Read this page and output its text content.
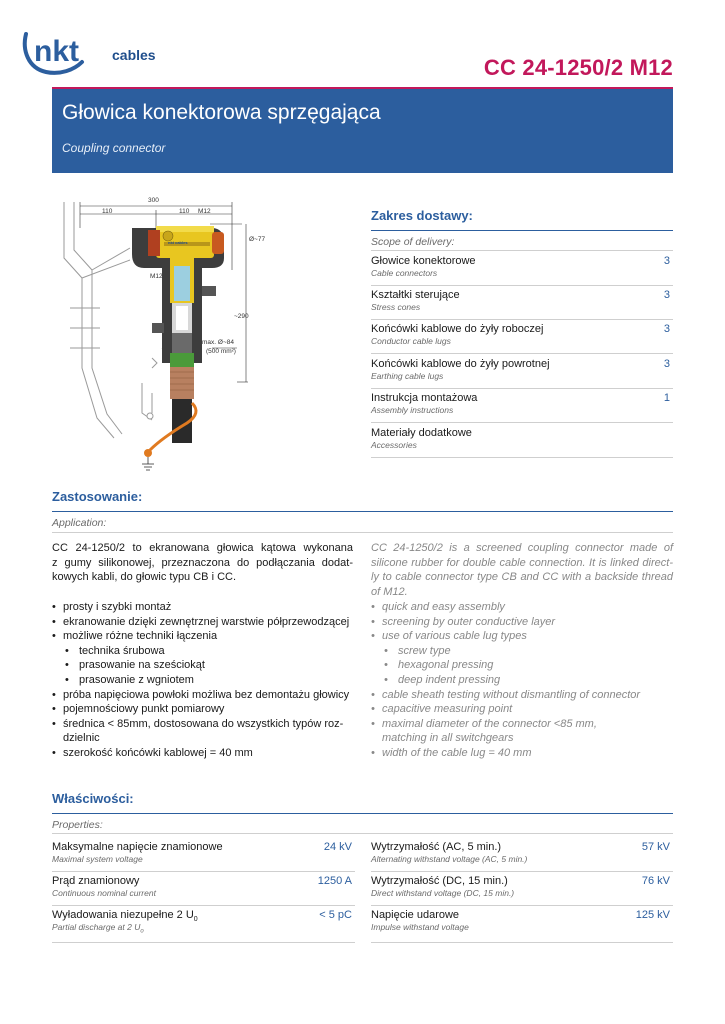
nkt cables	CC 24-1250/2 M12
Głowica konektorowa sprzęgająca
Coupling connector
300
110	110 M12
Ø~77
M12
~290
max. Ø~84
(500 mm²)
nkt cables
Zakres dostawy:
Scope of delivery:
Głowice konektorowe
Cable connectors
3
Kształtki sterujące
Stress cones
3
Końcówki kablowe do żyły roboczej
Conductor cable lugs
3
Końcówki kablowe do żyły powrotnej
Earthing cable lugs
3
Instrukcja montażowa
Assembly instructions
1
Materiały dodatkowe
Accessories
Zastosowanie:
Application:
CC 24-1250/2 to ekranowana głowica kątowa wykonana
z gumy silikonowej, przeznaczona do podłączania dodat-
kowych kabli, do głowic typu CB i CC.
• prosty i szybki montaż
• ekranowanie dzięki zewnętrznej warstwie półprzewodzącej
• możliwe różne techniki łączenia
• technika śrubowa
• prasowanie na sześciokąt
• prasowanie z wgniotem
• próba napięciowa powłoki możliwa bez demontażu głowicy
• pojemnościowy punkt pomiarowy
• średnica < 85mm, dostosowana do wszystkich typów roz-
dzielnic
• szerokość końcówki kablowej = 40 mm
CC 24-1250/2 is a screened coupling connector made of
silicone rubber for double cable connection. It is linked direct-
ly to cable connector type CB and CC with a backside thread
of M12.
• quick and easy assembly
• screening by outer conductive layer
• use of various cable lug types
• screw type
• hexagonal pressing
• deep indent pressing
• cable sheath testing without dismantling of connector
• capacitive measuring point
• maximal diameter of the connector <85 mm,
matching in all switchgears
• width of the cable lug = 40 mm
Właściwości:
Properties:
Maksymalne napięcie znamionowe
Maximal system voltage
24 kV
Prąd znamionowy
Continuous nominal current
1250 A
Wyładowania niezupełne 2 $U_0$
Partial discharge at 2 $U_o$
< 5 pC
Wytrzymałość (AC, 5 min.)
Alternating withstand voltage (AC, 5 min.)
57 kV
Wytrzymałość (DC, 15 min.)
Direct withstand voltage (DC, 15 min.)
76 kV
Napięcie udarowe
Impulse withstand voltage
125 kV
